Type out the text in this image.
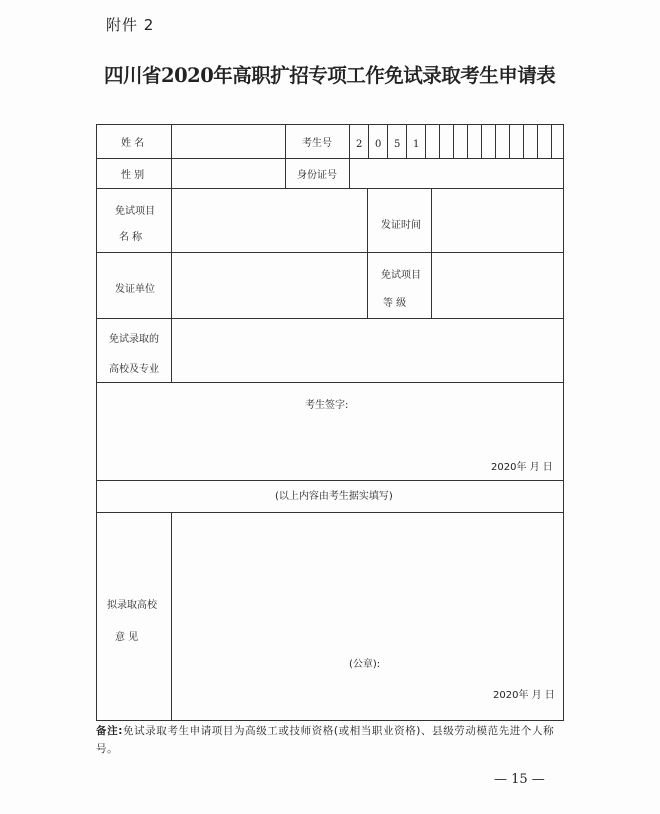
附件 2
四川省2020年高职扩招专项工作免试录取考生申请表
姓 名	考生号 2 0 5 1
性 别	身份证号
免试项目
名 称
发证时间
发证单位
免试项目
等 级
免试录取的
高校及专业
考生签字:
2020年 月 日
(以上内容由考生据实填写)
拟录取高校
意 见
(公章):
2020年 月 日
备注:免试录取考生申请项目为高级工或技师资格(或相当职业资格)、县级劳动模范先进个人称号。
— 15 —
